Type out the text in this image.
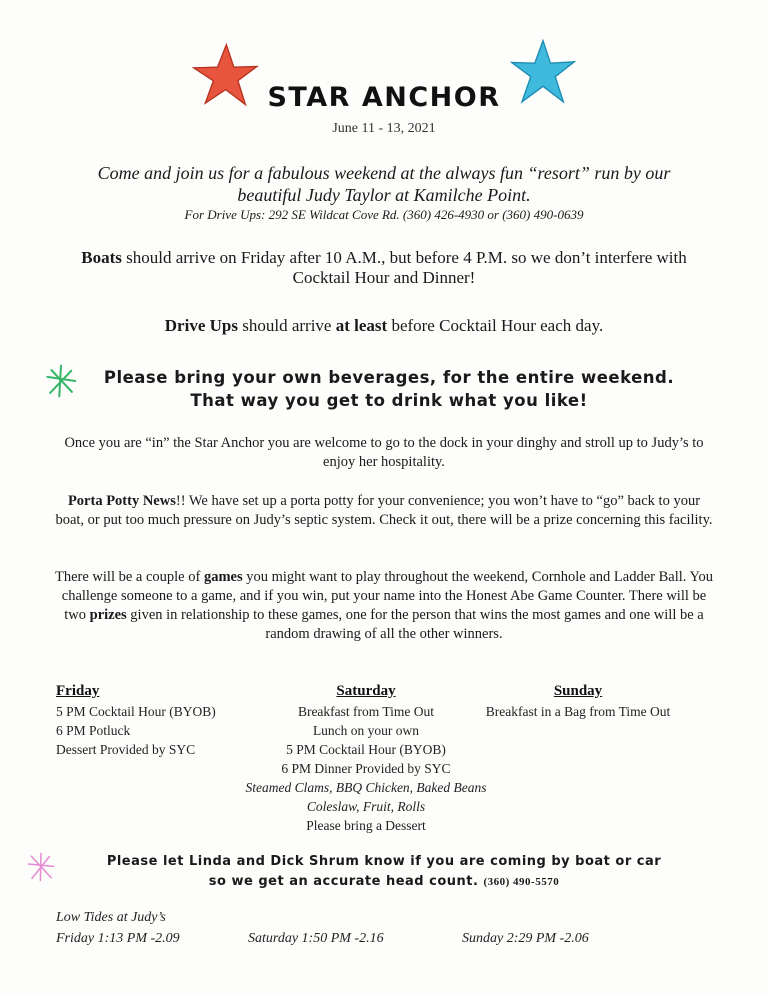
STAR ANCHOR
June 11 - 13, 2021
Come and join us for a fabulous weekend at the always fun “resort” run by our
beautiful Judy Taylor at Kamilche Point.
For Drive Ups: 292 SE Wildcat Cove Rd. (360) 426-4930 or (360) 490-0639
Boats should arrive on Friday after 10 A.M., but before 4 P.M. so we don’t interfere with Cocktail Hour and Dinner!
Drive Ups should arrive at least before Cocktail Hour each day.
Please bring your own beverages, for the entire weekend. That way you get to drink what you like!
Once you are “in” the Star Anchor you are welcome to go to the dock in your dinghy and stroll up to Judy’s to enjoy her hospitality.
Porta Potty News!! We have set up a porta potty for your convenience; you won’t have to “go” back to your boat, or put too much pressure on Judy’s septic system. Check it out, there will be a prize concerning this facility.
There will be a couple of games you might want to play throughout the weekend, Cornhole and Ladder Ball. You challenge someone to a game, and if you win, put your name into the Honest Abe Game Counter. There will be two prizes given in relationship to these games, one for the person that wins the most games and one will be a random drawing of all the other winners.
Friday
5 PM Cocktail Hour (BYOB)
6 PM Potluck
Dessert Provided by SYC
Saturday
Breakfast from Time Out
Lunch on your own
5 PM Cocktail Hour (BYOB)
6 PM Dinner Provided by SYC
Steamed Clams, BBQ Chicken, Baked Beans
Coleslaw, Fruit, Rolls
Please bring a Dessert
Sunday
Breakfast in a Bag from Time Out
Please let Linda and Dick Shrum know if you are coming by boat or car
so we get an accurate head count. (360) 490-5570
Low Tides at Judy’s
Friday 1:13 PM -2.09	Saturday 1:50 PM -2.16	Sunday 2:29 PM -2.06
